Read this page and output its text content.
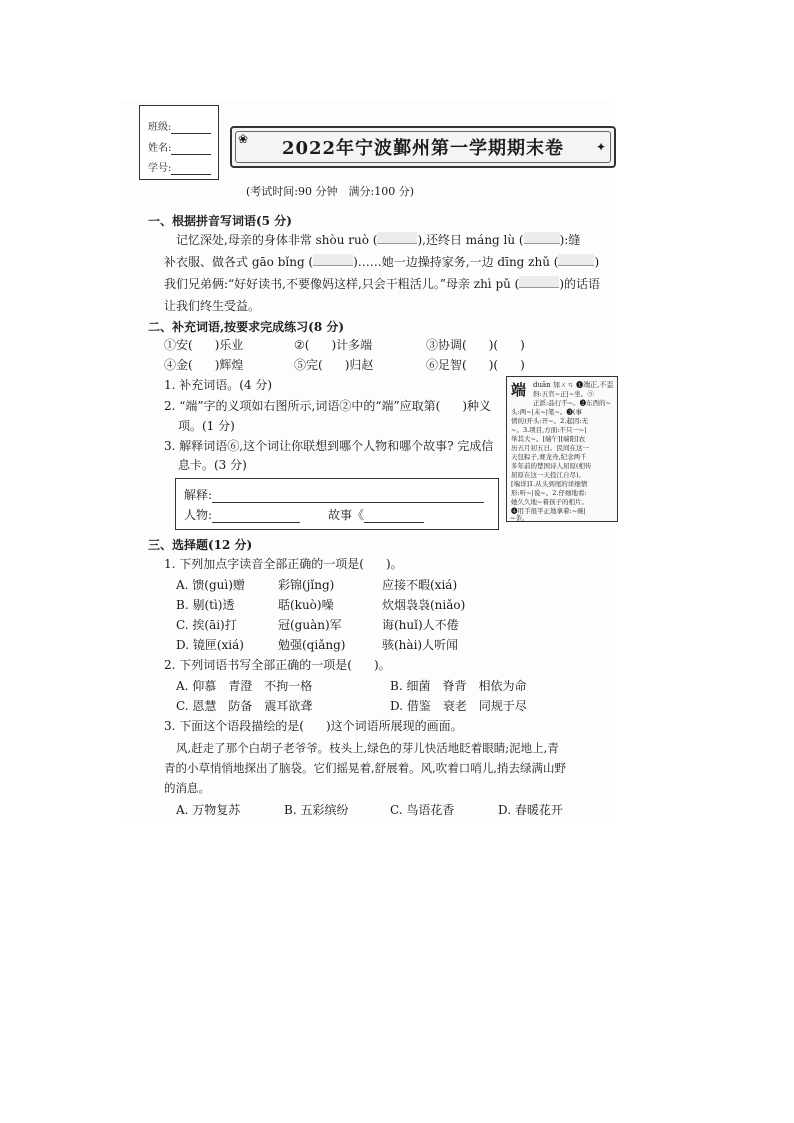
班级:
姓名:
学号:
2022年宁波鄞州第一学期期末卷
❀
✦
(考试时间:90 分钟　满分:100 分)
一、根据拼音写词语(5 分)
记忆深处,母亲的身体非常 shòu ruò (	),还终日 máng lù (	):缝
补衣服、做各式 gāo bǐng (	)……她一边操持家务,一边 dīng zhǔ (	)
我们兄弟俩:“好好读书,不要像妈这样,只会干粗活儿。”母亲 zhì pǔ (	)的话语
让我们终生受益。
二、补充词语,按要求完成练习(8 分)
①安( )乐业	②( )计多端	③协调( )( )
④金( )辉煌	⑤完( )归赵	⑥足智( )( )
1. 补充词语。(4 分)
2. “端”字的义项如右图所示,词语②中的“端”应取第( )种义
项。(1 分)
3. 解释词语⑥,这个词让你联想到哪个人物和哪个故事? 完成信
息卡。(3 分)
端 duān 加ㄨㄢ ❶端正,不歪
斜:五官~正|~坐。⑤
正派:品行不~。❷东西的~
头:两~|末~|笔~。❸(事
情的)开头:开~。2.起因:无
~。3.项目,方面:不只一~|
举其大~。[端午][端阳]农
历五月初五日。民间在这一
天包粽子,赛龙舟,纪念两千
多年前的楚国诗人屈原(相传
屈原在这一天投江自尽)。
[端详]1.从头到尾的详细情
形:听~|说~。2.仔细地看:
她久久地~着孩子的相片。
❹用手很平正地拿着:~碗|
~茶。
解释:
人物:	故事《
三、选择题(12 分)
1. 下列加点字读音全部正确的一项是( )。
A. 馈(guì)赠	彩锦(jǐng)	应接不暇(xiá)
B. 剔(tì)透	聒(kuò)噪	炊烟袅袅(niǎo)
C. 挨(āi)打	冠(guàn)军	诲(huǐ)人不倦
D. 镜匣(xiá)	勉强(qiǎng)	骇(hài)人听闻
2. 下列词语书写全部正确的一项是( )。
A. 仰慕　青澄　不拘一格	B. 细菌　脊背　相依为命
C. 恩慧　防备　震耳欲聋	D. 借鉴　衰老　同规于尽
3. 下面这个语段描绘的是( )这个词语所展现的画面。
风,赶走了那个白胡子老爷爷。枝头上,绿色的芽儿快活地眨着眼睛;泥地上,青
青的小草悄悄地探出了脑袋。它们摇晃着,舒展着。风,吹着口哨儿,捎去绿满山野
的消息。
A. 万物复苏	B. 五彩缤纷	C. 鸟语花香	D. 春暖花开
